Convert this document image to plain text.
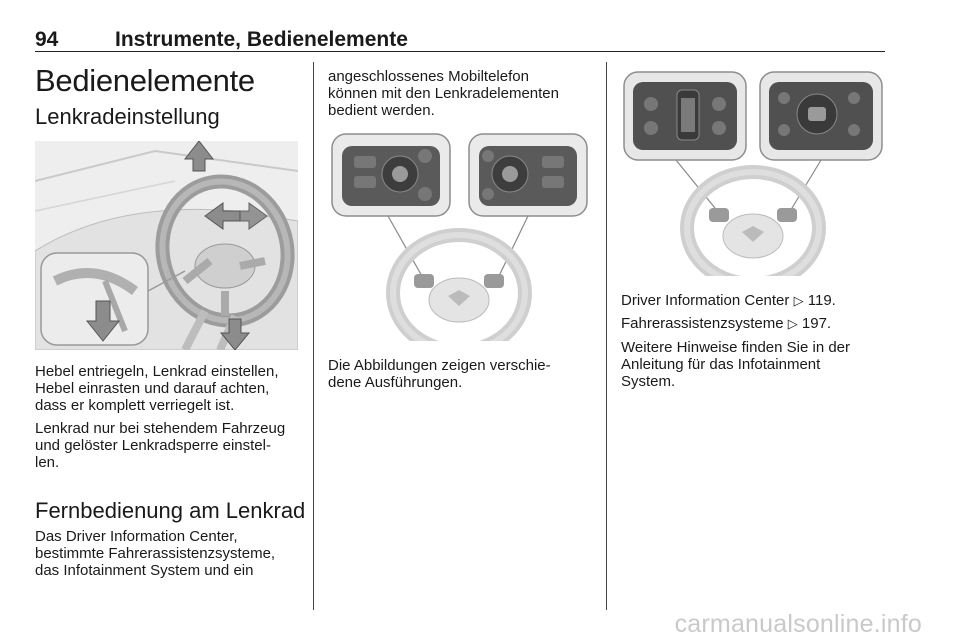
94	Instrumente, Bedienelemente
Bedienelemente
Lenkradeinstellung
Hebel entriegeln, Lenkrad einstellen,
Hebel einrasten und darauf achten,
dass er komplett verriegelt ist.
Lenkrad nur bei stehendem Fahrzeug
und gelöster Lenkradsperre einstel-
len.
Fernbedienung am Lenkrad
Das Driver Information Center,
bestimmte Fahrerassistenzsysteme,
das Infotainment System und ein
angeschlossenes Mobiltelefon
können mit den Lenkradelementen
bedient werden.
Die Abbildungen zeigen verschie-
dene Ausführungen.
Driver Information Center ▷ 119.
Fahrerassistenzsysteme ▷ 197.
Weitere Hinweise finden Sie in der
Anleitung für das Infotainment
System.
carmanualsonline.info
